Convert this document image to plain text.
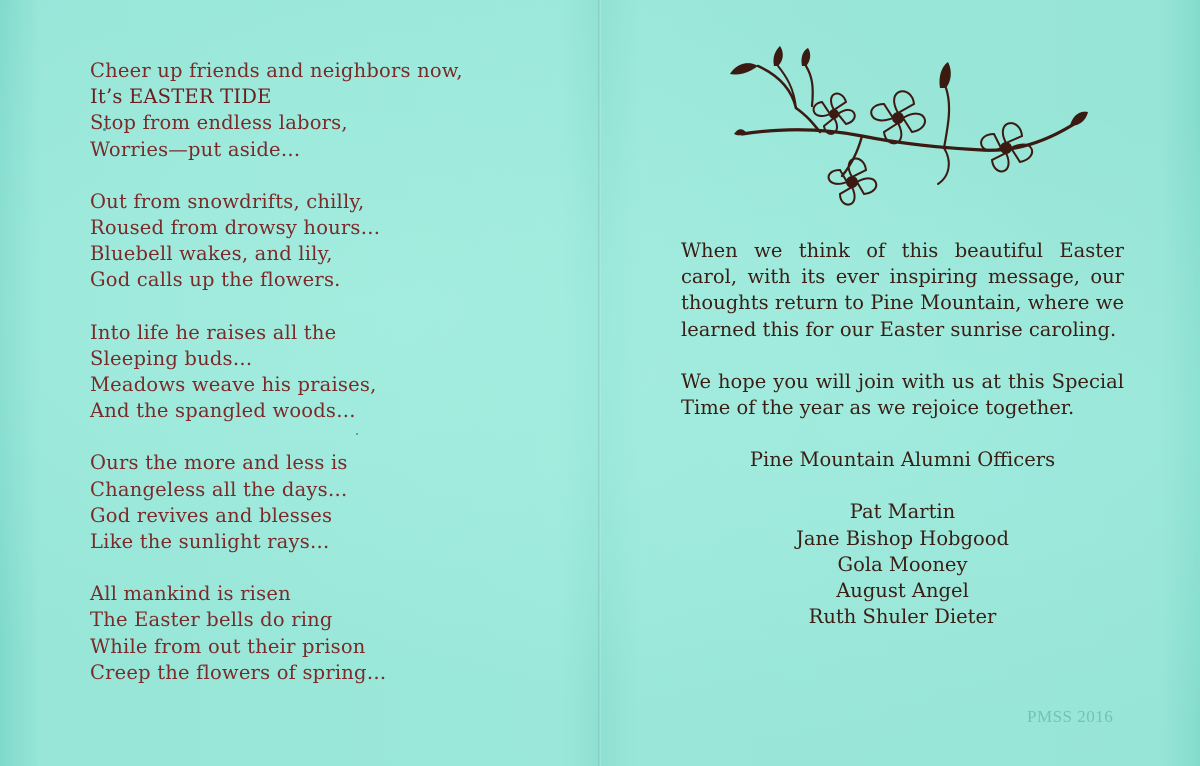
Cheer up friends and neighbors now,
It’s EASTER TIDE
Stop from endless labors,
Worries—put aside…
Out from snowdrifts, chilly,
Roused from drowsy hours…
Bluebell wakes, and lily,
God calls up the flowers.
Into life he raises all the
Sleeping buds…
Meadows weave his praises,
And the spangled woods…
Ours the more and less is
Changeless all the days…
God revives and blesses
Like the sunlight rays…
All mankind is risen
The Easter bells do ring
While from out their prison
Creep the flowers of spring…
When we think of this beautiful Easter carol, with its ever inspiring message, our thoughts return to Pine Mountain, where we learned this for our Easter sunrise caroling.
We hope you will join with us at this Special Time of the year as we rejoice together.
Pine Mountain Alumni Officers
Pat Martin
Jane Bishop Hobgood
Gola Mooney
August Angel
Ruth Shuler Dieter
PMSS 2016
